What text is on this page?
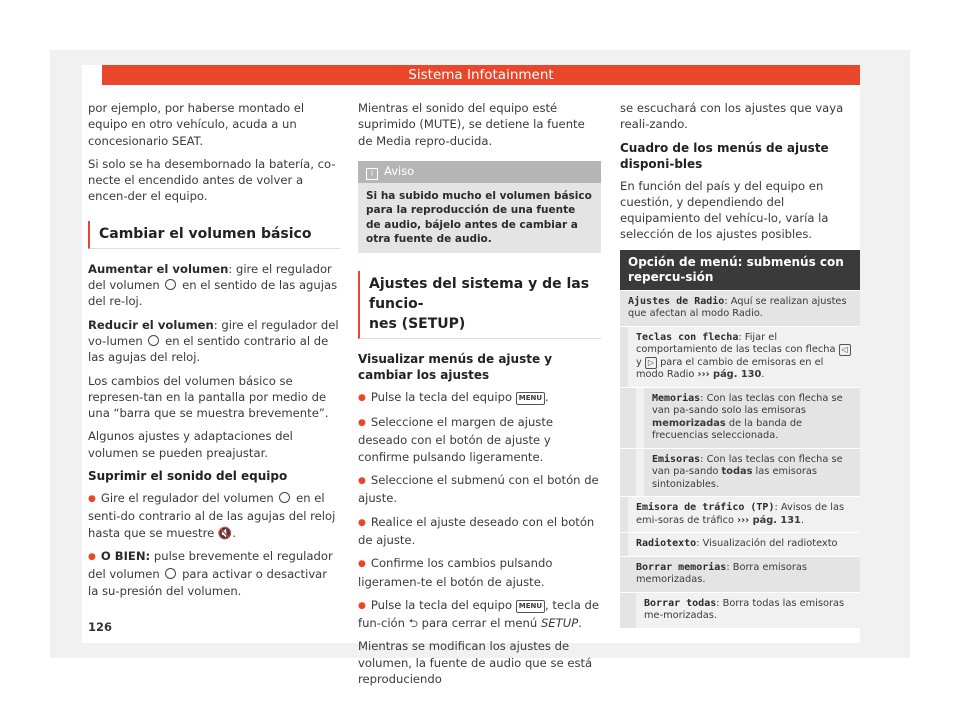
Sistema Infotainment

por ejemplo, por haberse montado el equipo en otro vehículo, acuda a un concesionario SEAT.

Si solo se ha desembornado la batería, co-necte el encendido antes de volver a encen-der el equipo.

Cambiar el volumen básico

Aumentar el volumen: gire el regulador del volumen en el sentido de las agujas del re-loj.

Reducir el volumen: gire el regulador del vo-lumen en el sentido contrario al de las agujas del reloj.

Los cambios del volumen básico se represen-tan en la pantalla por medio de una “barra que se muestra brevemente”.

Algunos ajustes y adaptaciones del volumen se pueden preajustar.

Suprimir el sonido del equipo

● Gire el regulador del volumen en el senti-do contrario al de las agujas del reloj hasta que se muestre 🔇.

● O BIEN: pulse brevemente el regulador del volumen para activar o desactivar la su-presión del volumen.

Mientras el sonido del equipo esté suprimido (MUTE), se detiene la fuente de Media repro-ducida.

i Aviso
Si ha subido mucho el volumen básico para la reproducción de una fuente de audio, bájelo antes de cambiar a otra fuente de audio.
Ajustes del sistema y de las funcio-
nes (SETUP)
Visualizar menús de ajuste y cambiar los ajustes

● Pulse la tecla del equipo MENU .

● Seleccione el margen de ajuste deseado con el botón de ajuste y confirme pulsando ligeramente.

● Seleccione el submenú con el botón de ajuste.

● Realice el ajuste deseado con el botón de ajuste.

● Confirme los cambios pulsando ligeramen-te el botón de ajuste.

● Pulse la tecla del equipo MENU , tecla de fun-ción ⮌ para cerrar el menú SETUP.

Mientras se modifican los ajustes de volumen, la fuente de audio que se está reproduciendo

se escuchará con los ajustes que vaya reali-zando.

Cuadro de los menús de ajuste disponi-bles

En función del país y del equipo en cuestión, y dependiendo del equipamiento del vehícu-lo, varía la selección de los ajustes posibles.

Opción de menú: submenús con repercu-sión
Ajustes de Radio: Aquí se realizan ajustes que afectan al modo Radio.
Teclas con flecha: Fijar el comportamiento de las teclas con flecha ◁ y ▷ para el cambio de emisoras en el modo Radio ››› pág. 130.
Memorias: Con las teclas con flecha se van pa-sando solo las emisoras memorizadas de la banda de frecuencias seleccionada.
Emisoras: Con las teclas con flecha se van pa-sando todas las emisoras sintonizables.
Emisora de tráfico (TP): Avisos de las emi-soras de tráfico ››› pág. 131.
Radiotexto: Visualización del radiotexto
Borrar memorias: Borra emisoras memorizadas.
Borrar todas: Borra todas las emisoras me-morizadas.
126
